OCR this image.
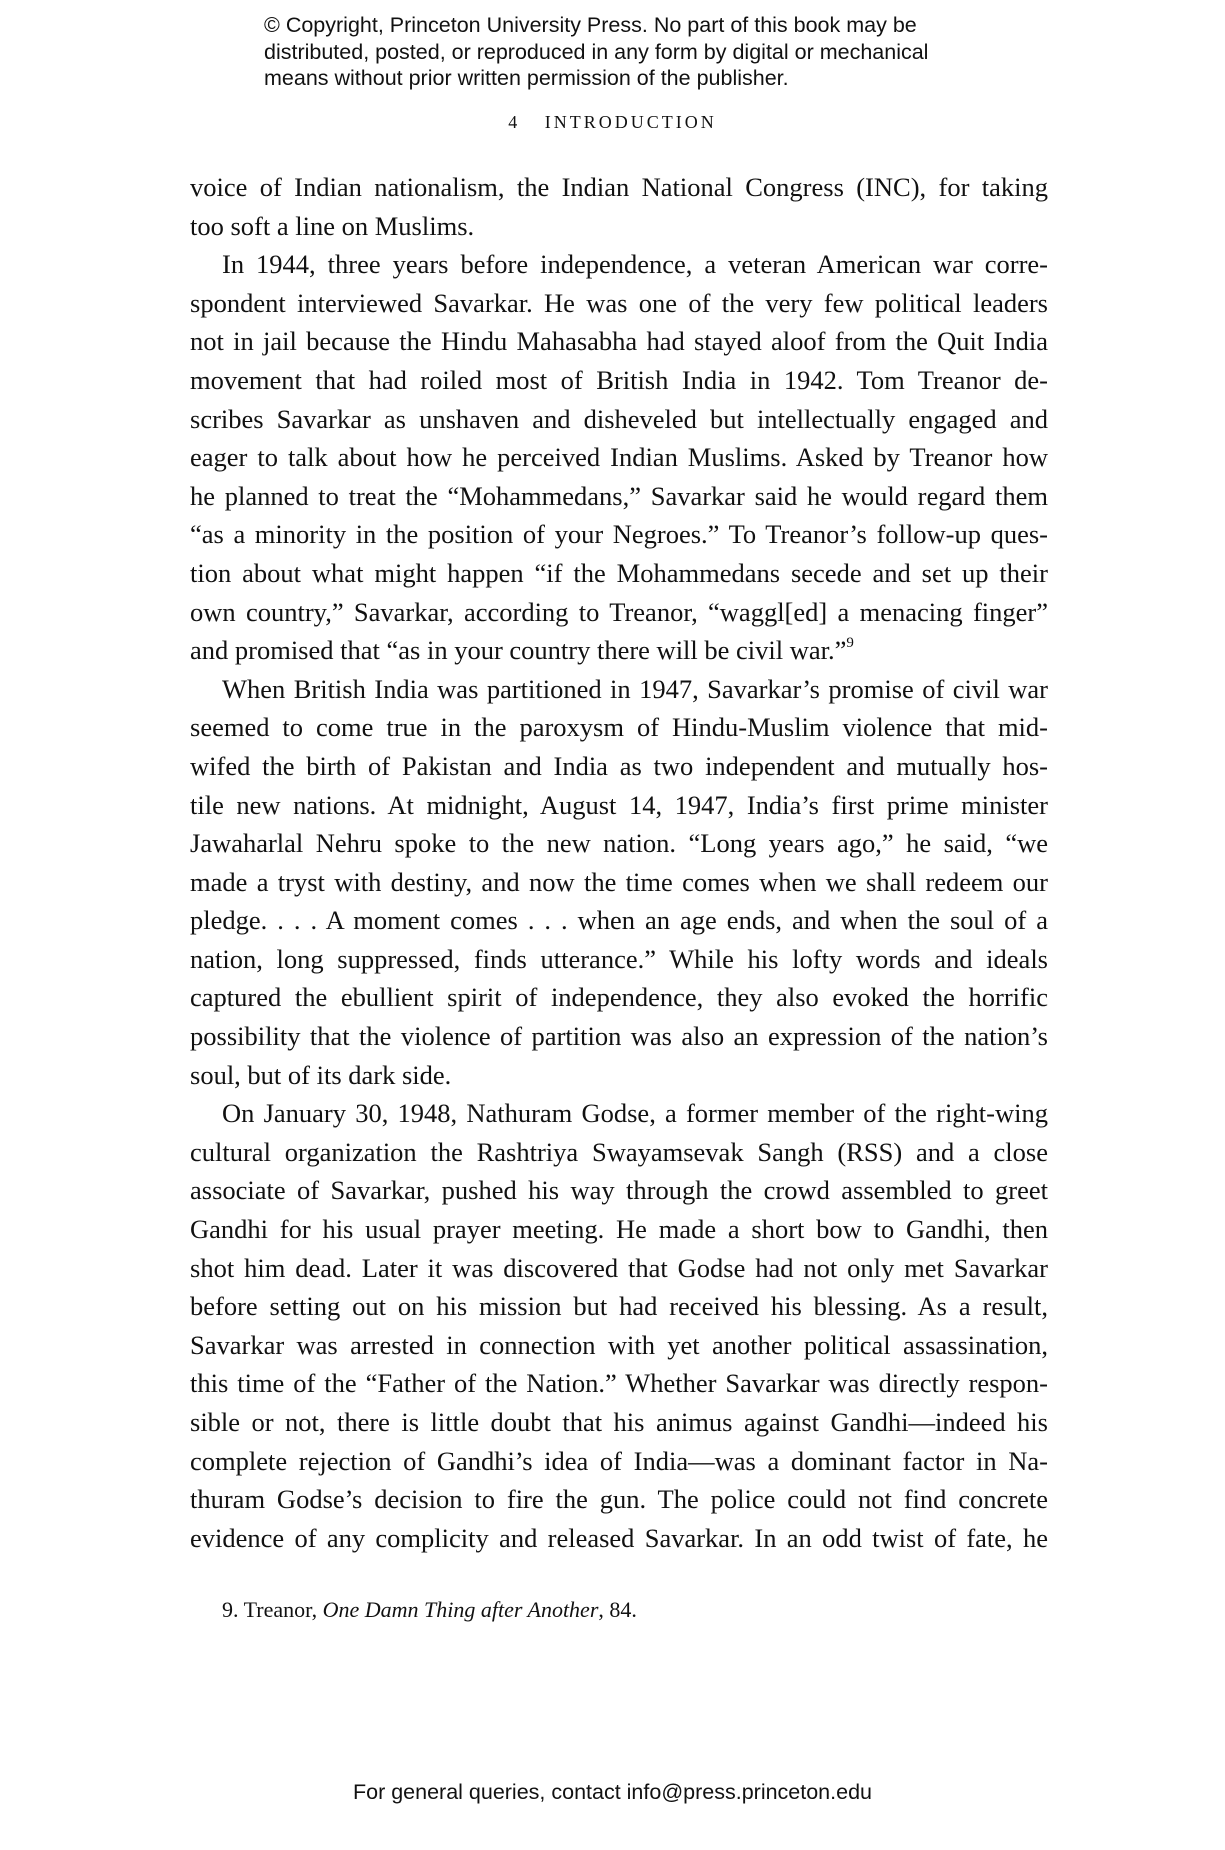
© Copyright, Princeton University Press. No part of this book may be
distributed, posted, or reproduced in any form by digital or mechanical
means without prior written permission of the publisher.
4 INTRODUCTION
voice of Indian nationalism, the Indian National Congress (INC), for taking
too soft a line on Muslims.
In 1944, three years before independence, a veteran American war corre-
spondent interviewed Savarkar. He was one of the very few political leaders
not in jail because the Hindu Mahasabha had stayed aloof from the Quit India
movement that had roiled most of British India in 1942. Tom Treanor de-
scribes Savarkar as unshaven and disheveled but intellectually engaged and
eager to talk about how he perceived Indian Muslims. Asked by Treanor how
he planned to treat the “Mohammedans,” Savarkar said he would regard them
“as a minority in the position of your Negroes.” To Treanor’s follow-up ques-
tion about what might happen “if the Mohammedans secede and set up their
own country,” Savarkar, according to Treanor, “waggl[ed] a menacing finger”
and promised that “as in your country there will be civil war.”$^9$
When British India was partitioned in 1947, Savarkar’s promise of civil war
seemed to come true in the paroxysm of Hindu-Muslim violence that mid-
wifed the birth of Pakistan and India as two independent and mutually hos-
tile new nations. At midnight, August 14, 1947, India’s first prime minister
Jawaharlal Nehru spoke to the new nation. “Long years ago,” he said, “we
made a tryst with destiny, and now the time comes when we shall redeem our
pledge. . . . A moment comes . . . when an age ends, and when the soul of a
nation, long suppressed, finds utterance.” While his lofty words and ideals
captured the ebullient spirit of independence, they also evoked the horrific
possibility that the violence of partition was also an expression of the nation’s
soul, but of its dark side.
On January 30, 1948, Nathuram Godse, a former member of the right-wing
cultural organization the Rashtriya Swayamsevak Sangh (RSS) and a close
associate of Savarkar, pushed his way through the crowd assembled to greet
Gandhi for his usual prayer meeting. He made a short bow to Gandhi, then
shot him dead. Later it was discovered that Godse had not only met Savarkar
before setting out on his mission but had received his blessing. As a result,
Savarkar was arrested in connection with yet another political assassination,
this time of the “Father of the Nation.” Whether Savarkar was directly respon-
sible or not, there is little doubt that his animus against Gandhi—indeed his
complete rejection of Gandhi’s idea of India—was a dominant factor in Na-
thuram Godse’s decision to fire the gun. The police could not find concrete
evidence of any complicity and released Savarkar. In an odd twist of fate, he
9. Treanor, One Damn Thing after Another, 84.
For general queries, contact info@press.princeton.edu
